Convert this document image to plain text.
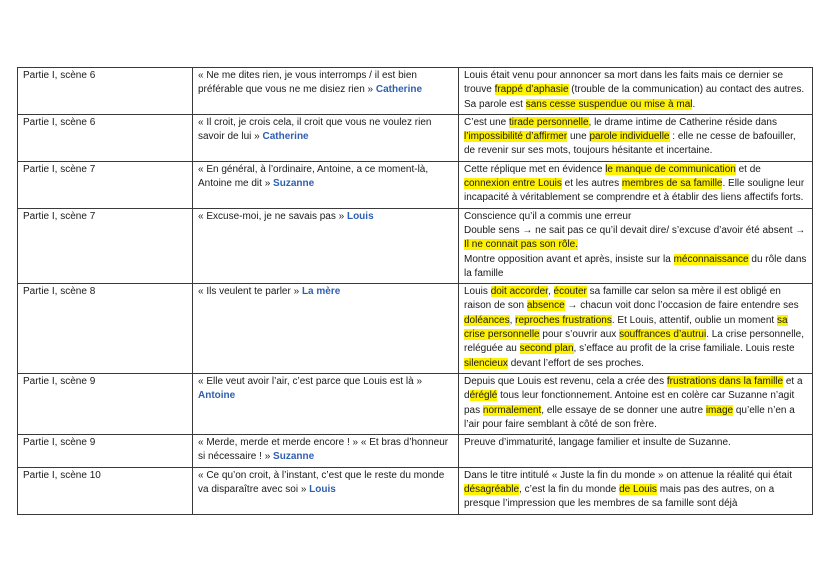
Partie I, scène 6	« Ne me dites rien, je vous interromps / il est bien préférable que vous ne me disiez rien » Catherine	Louis était venu pour annoncer sa mort dans les faits mais ce dernier se trouve frappé d’aphasie (trouble de la communication) au contact des autres. Sa parole est sans cesse suspendue ou mise à mal.
Partie I, scène 6	« Il croit, je crois cela, il croit que vous ne voulez rien savoir de lui » Catherine	C’est une tirade personnelle, le drame intime de Catherine réside dans l’impossibilité d’affirmer une parole individuelle : elle ne cesse de bafouiller, de revenir sur ses mots, toujours hésitante et incertaine.
Partie I, scène 7	« En général, à l’ordinaire, Antoine, a ce moment-là, Antoine me dit » Suzanne	Cette réplique met en évidence le manque de communication et de connexion entre Louis et les autres membres de sa famille. Elle souligne leur incapacité à véritablement se comprendre et à établir des liens affectifs forts.
Partie I, scène 7	« Excuse-moi, je ne savais pas » Louis	Conscience qu’il a commis une erreur
Double sens → ne sait pas ce qu’il devait dire/ s’excuse d’avoir été absent → Il ne connait pas son rôle.
Montre opposition avant et après, insiste sur la méconnaissance du rôle dans la famille
Partie I, scène 8	« Ils veulent te parler » La mère	Louis doit accorder, écouter sa famille car selon sa mère il est obligé en raison de son absence → chacun voit donc l’occasion de faire entendre ses doléances, reproches frustrations. Et Louis, attentif, oublie un moment sa crise personnelle pour s’ouvrir aux souffrances d’autrui. La crise personnelle, reléguée au second plan, s’efface au profit de la crise familiale. Louis reste silencieux devant l’effort de ses proches.
Partie I, scène 9	« Elle veut avoir l’air, c’est parce que Louis est là » Antoine	Depuis que Louis est revenu, cela a crée des frustrations dans la famille et a déréglé tous leur fonctionnement. Antoine est en colère car Suzanne n’agit pas normalement, elle essaye de se donner une autre image qu’elle n’en a l’air pour faire semblant à côté de son frère.
Partie I, scène 9	« Merde, merde et merde encore ! » « Et bras d’honneur si nécessaire ! » Suzanne	Preuve d’immaturité, langage familier et insulte de Suzanne.
Partie I, scène 10	« Ce qu’on croit, à l’instant, c’est que le reste du monde va disparaître avec soi » Louis	Dans le titre intitulé « Juste la fin du monde » on attenue la réalité qui était désagréable, c’est la fin du monde de Louis mais pas des autres, on a presque l’impression que les membres de sa famille sont déjà
